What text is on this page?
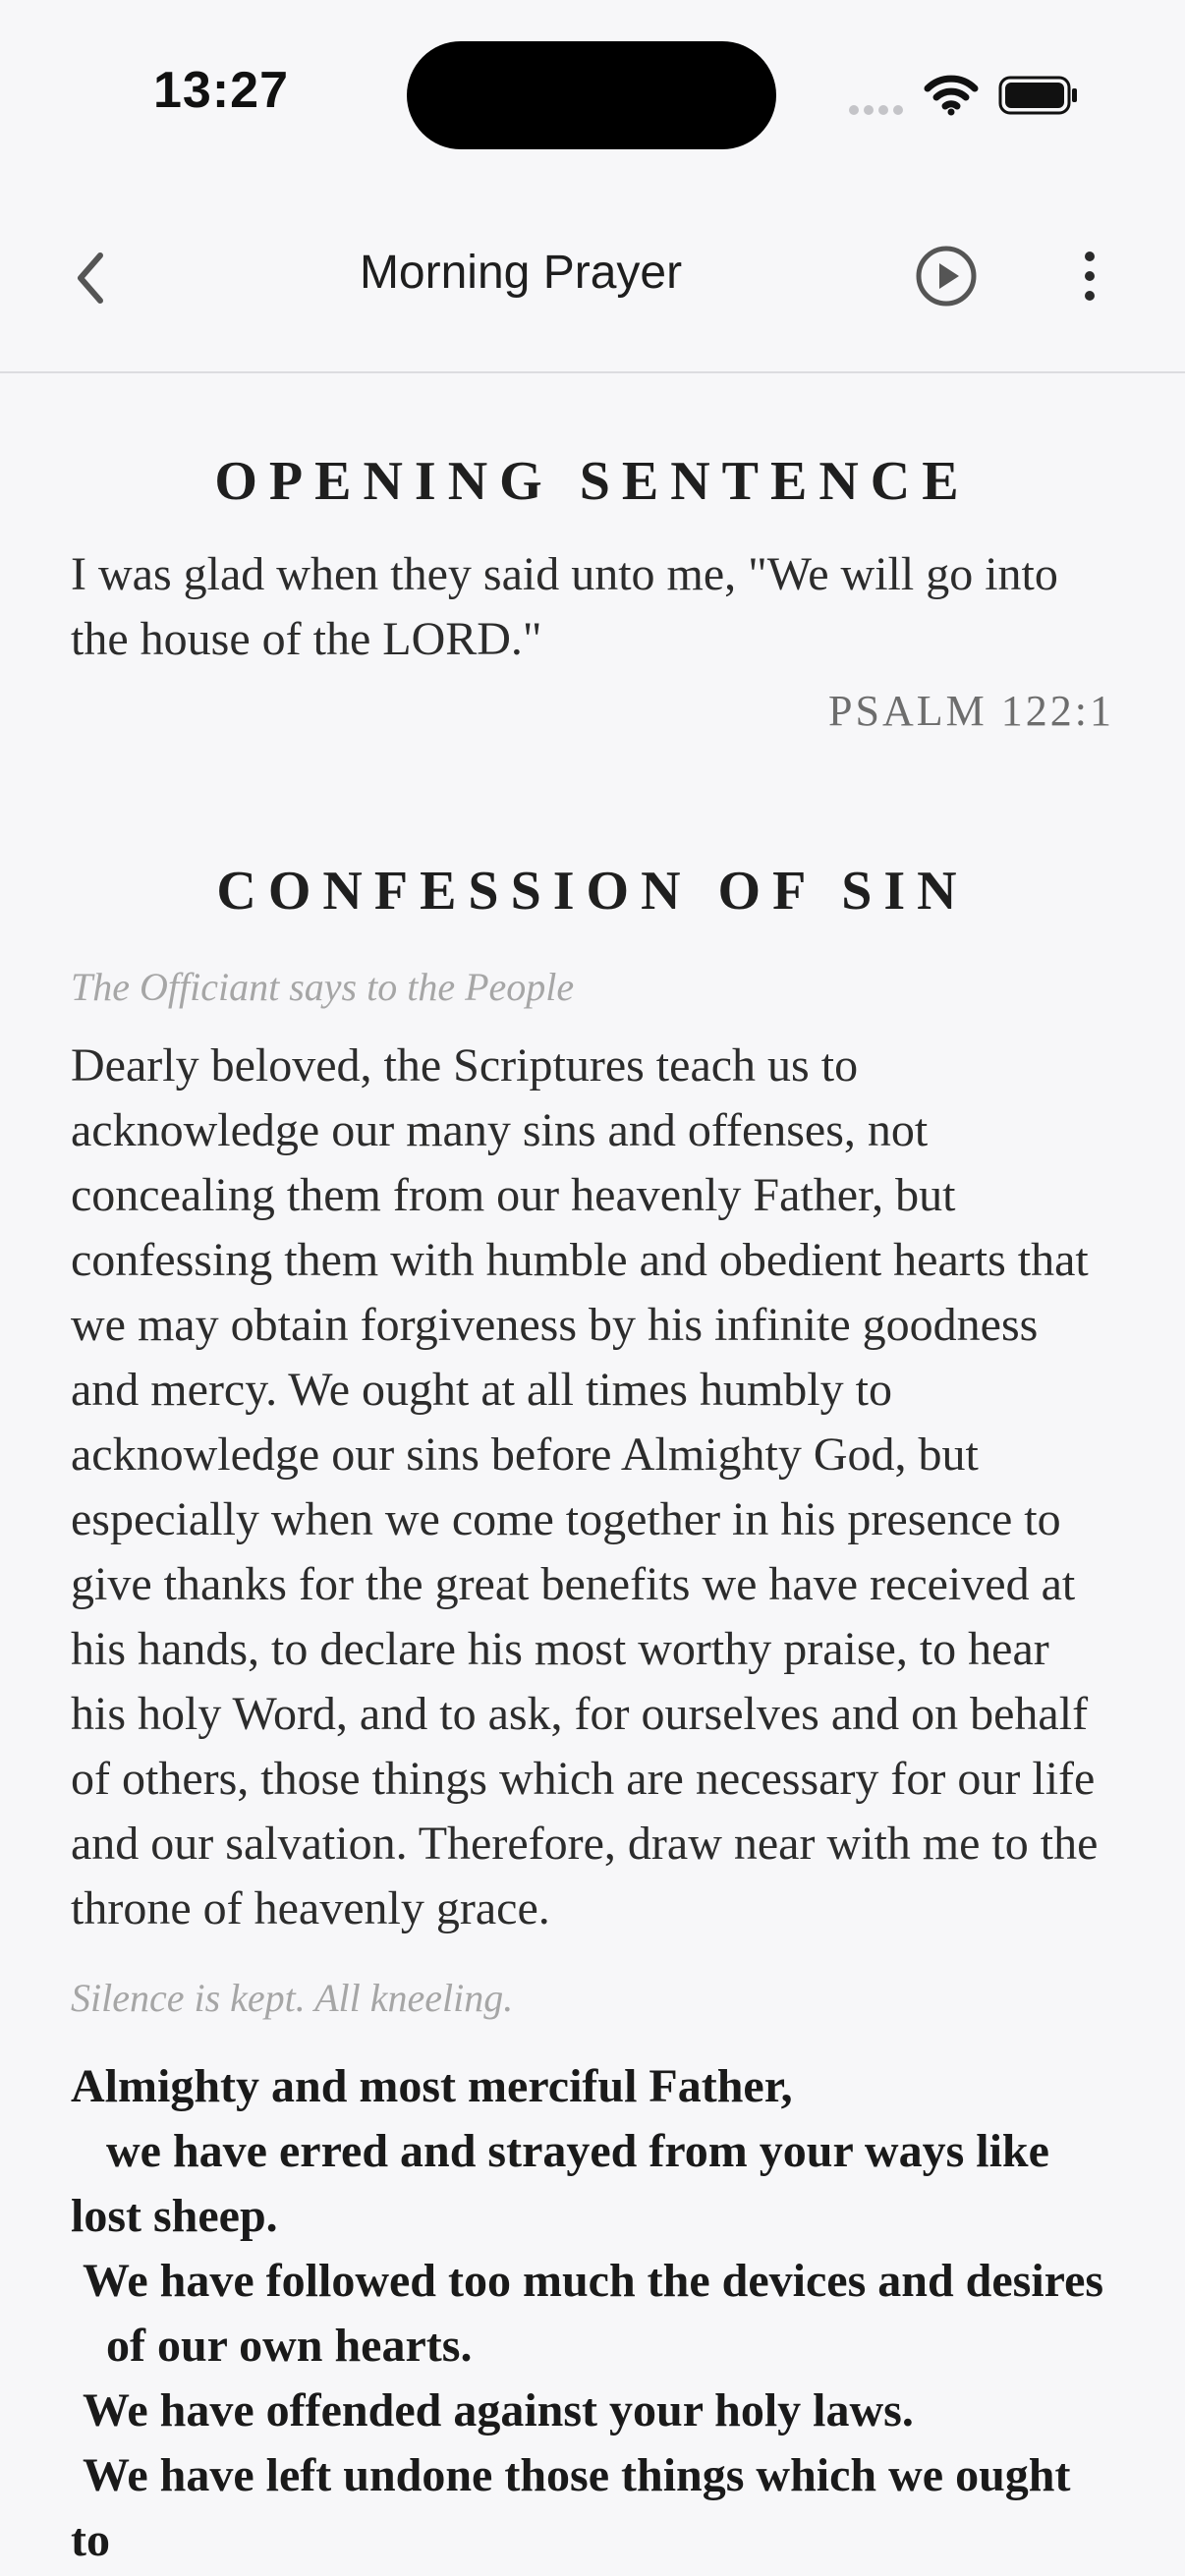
13:27
Morning Prayer
OPENING SENTENCE

I was glad when they said unto me, "We will go into the house of the LORD."

PSALM 122:1

CONFESSION OF SIN

The Officiant says to the People

Dearly beloved, the Scriptures teach us to acknowledge our many sins and offenses, not concealing them from our heavenly Father, but confessing them with humble and obedient hearts that we may obtain forgiveness by his infinite goodness and mercy. We ought at all times humbly to acknowledge our sins before Almighty God, but especially when we come together in his presence to give thanks for the great benefits we have received at his hands, to declare his most worthy praise, to hear his holy Word, and to ask, for ourselves and on behalf of others, those things which are necessary for our life and our salvation. Therefore, draw near with me to the throne of heavenly grace.

Silence is kept. All kneeling.

Almighty and most merciful Father,

we have erred and strayed from your ways like lost sheep.

We have followed too much the devices and desires

of our own hearts.

We have offended against your holy laws.

We have left undone those things which we ought to
